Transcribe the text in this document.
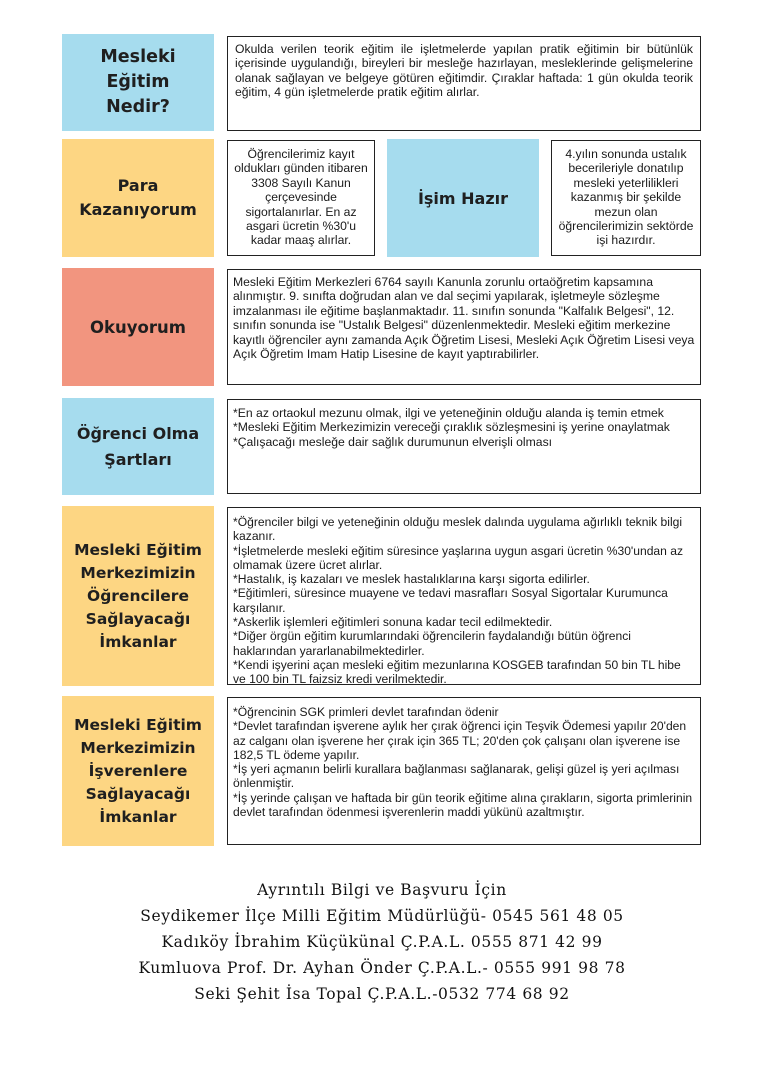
Mesleki
Eğitim
Nedir?

Okulda verilen teorik eğitim ile işletmelerde yapılan pratik eğitimin bir bütünlük içerisinde uygulandığı, bireyleri bir mesleğe hazırlayan, mesleklerinde gelişmelerine olanak sağlayan ve belgeye götüren eğitimdir. Çıraklar haftada: 1 gün okulda teorik eğitim, 4 gün işletmelerde pratik eğitim alırlar.

Para
Kazanıyorum

Öğrencilerimiz kayıt oldukları günden itibaren 3308 Sayılı Kanun çerçevesinde sigortalanırlar. En az asgari ücretin %30'u kadar maaş alırlar.

İşim Hazır

4.yılın sonunda ustalık becerileriyle donatılıp mesleki yeterlilikleri kazanmış bir şekilde mezun olan öğrencilerimizin sektörde işi hazırdır.

Okuyorum

Mesleki Eğitim Merkezleri 6764 sayılı Kanunla zorunlu ortaöğretim kapsamına alınmıştır. 9. sınıfta doğrudan alan ve dal seçimi yapılarak, işletmeyle sözleşme imzalanması ile eğitime başlanmaktadır. 11. sınıfın sonunda "Kalfalık Belgesi", 12. sınıfın sonunda ise "Ustalık Belgesi" düzenlenmektedir. Mesleki eğitim merkezine kayıtlı öğrenciler aynı zamanda Açık Öğretim Lisesi, Mesleki Açık Öğretim Lisesi veya Açık Öğretim Imam Hatip Lisesine de kayıt yaptırabilirler.

Öğrenci Olma
Şartları

*En az ortaokul mezunu olmak, ilgi ve yeteneğinin olduğu alanda iş temin etmek

*Mesleki Eğitim Merkezimizin vereceği çıraklık sözleşmesini iş yerine onaylatmak

*Çalışacağı mesleğe dair sağlık durumunun elverişli olması

Mesleki Eğitim
Merkezimizin
Öğrencilere
Sağlayacağı
İmkanlar

*Öğrenciler bilgi ve yeteneğinin olduğu meslek dalında uygulama ağırlıklı teknik bilgi kazanır.

*İşletmelerde mesleki eğitim süresince yaşlarına uygun asgari ücretin %30'undan az olmamak üzere ücret alırlar.

*Hastalık, iş kazaları ve meslek hastalıklarına karşı sigorta edilirler.

*Eğitimleri, süresince muayene ve tedavi masrafları Sosyal Sigortalar Kurumunca karşılanır.

*Askerlik işlemleri eğitimleri sonuna kadar tecil edilmektedir.

*Diğer örgün eğitim kurumlarındaki öğrencilerin faydalandığı bütün öğrenci haklarından yararlanabilmektedirler.

*Kendi işyerini açan mesleki eğitim mezunlarına KOSGEB tarafından 50 bin TL hibe ve 100 bin TL faizsiz kredi verilmektedir.

Mesleki Eğitim
Merkezimizin
İşverenlere
Sağlayacağı
İmkanlar

*Öğrencinin SGK primleri devlet tarafından ödenir

*Devlet tarafından işverene aylık her çırak öğrenci için Teşvik Ödemesi yapılır 20'den az calganı olan işverene her çırak için 365 TL; 20'den çok çalışanı olan işverene ise 182,5 TL ödeme yapılır.

*İş yeri açmanın belirli kurallara bağlanması sağlanarak, gelişi güzel iş yeri açılması önlenmiştir.

*İş yerinde çalışan ve haftada bir gün teorik eğitime alına çırakların, sigorta primlerinin devlet tarafından ödenmesi işverenlerin maddi yükünü azaltmıştır.

Ayrıntılı Bilgi ve Başvuru İçin
Seydikemer İlçe Milli Eğitim Müdürlüğü- 0545 561 48 05
Kadıköy İbrahim Küçükünal Ç.P.A.L. 0555 871 42 99
Kumluova Prof. Dr. Ayhan Önder Ç.P.A.L.- 0555 991 98 78
Seki Şehit İsa Topal Ç.P.A.L.-0532 774 68 92
